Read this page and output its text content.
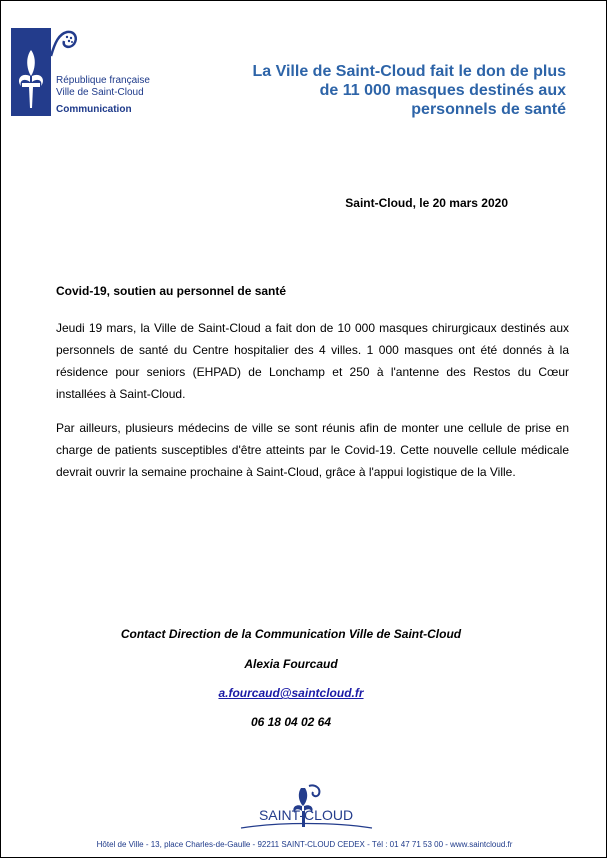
République française
Ville de Saint-Cloud
Communication
La Ville de Saint-Cloud fait le don de plus de 11 000 masques destinés aux personnels de santé
Saint-Cloud, le 20 mars 2020
Covid-19, soutien au personnel de santé
Jeudi 19 mars, la Ville de Saint-Cloud a fait don de 10 000 masques chirurgicaux destinés aux personnels de santé du Centre hospitalier des 4 villes. 1 000 masques ont été donnés à la résidence pour seniors (EHPAD) de Lonchamp et 250 à l'antenne des Restos du Cœur installées à Saint-Cloud.
Par ailleurs, plusieurs médecins de ville se sont réunis afin de monter une cellule de prise en charge de patients susceptibles d'être atteints par le Covid-19. Cette nouvelle cellule médicale devrait ouvrir la semaine prochaine à Saint-Cloud, grâce à l'appui logistique de la Ville.
Contact Direction de la Communication Ville de Saint-Cloud
Alexia Fourcaud
a.fourcaud@saintcloud.fr
06 18 04 02 64
SAINT-CLOUD
Hôtel de Ville - 13, place Charles-de-Gaulle - 92211 SAINT-CLOUD CEDEX - Tél : 01 47 71 53 00 - www.saintcloud.fr
